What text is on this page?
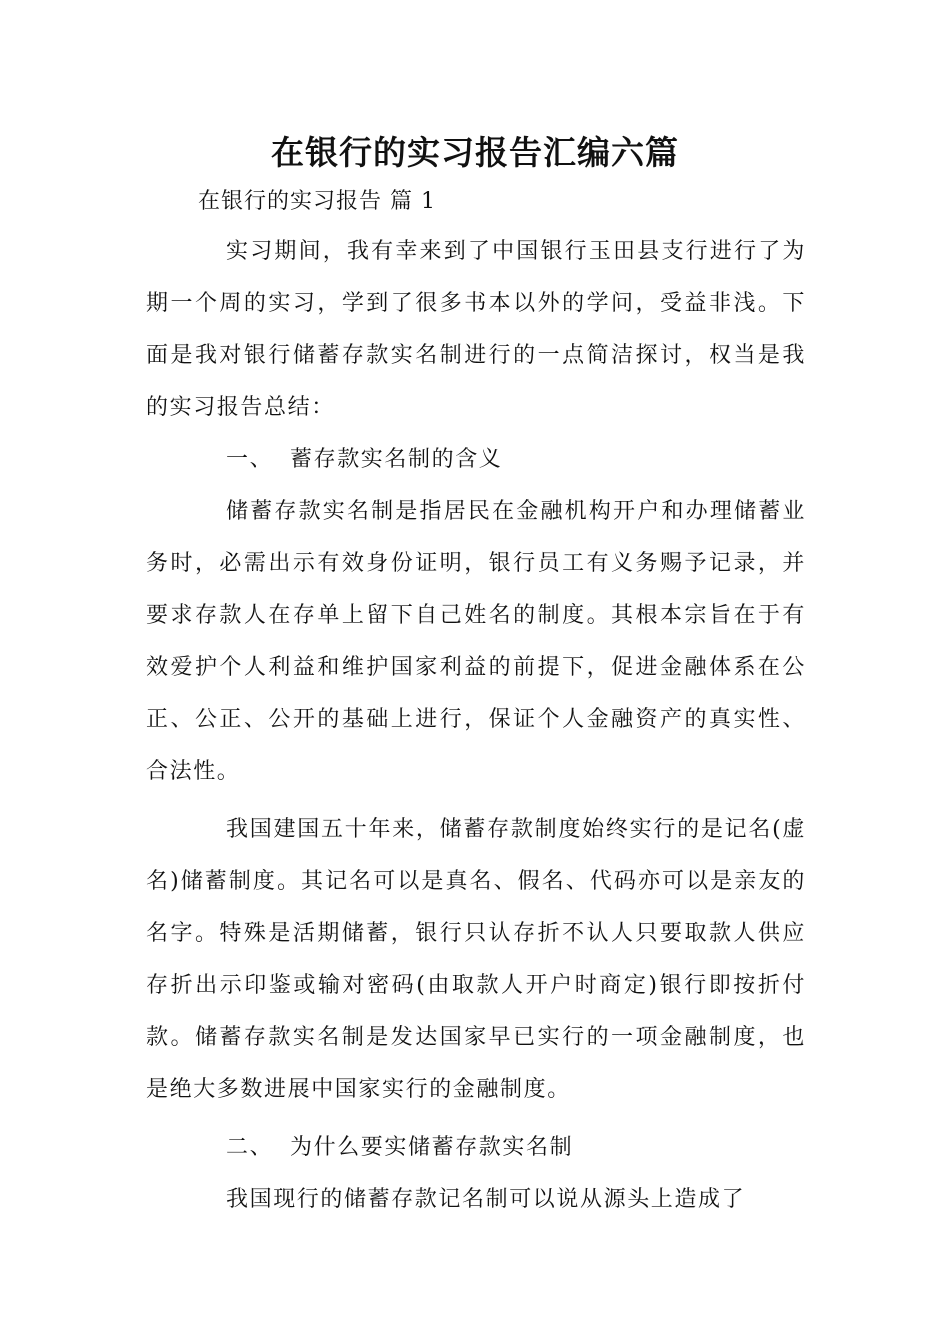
在银行的实习报告汇编六篇

在银行的实习报告 篇 1

实习期间，我有幸来到了中国银行玉田县支行进行了为期一个周的实习，学到了很多书本以外的学问，受益非浅。下面是我对银行储蓄存款实名制进行的一点简洁探讨，权当是我的实习报告总结：

一、 蓄存款实名制的含义

储蓄存款实名制是指居民在金融机构开户和办理储蓄业务时，必需出示有效身份证明，银行员工有义务赐予记录，并要求存款人在存单上留下自己姓名的制度。其根本宗旨在于有效爱护个人利益和维护国家利益的前提下，促进金融体系在公正、公正、公开的基础上进行，保证个人金融资产的真实性、合法性。

我国建国五十年来，储蓄存款制度始终实行的是记名(虚名)储蓄制度。其记名可以是真名、假名、代码亦可以是亲友的名字。特殊是活期储蓄，银行只认存折不认人只要取款人供应存折出示印鉴或输对密码(由取款人开户时商定)银行即按折付款。储蓄存款实名制是发达国家早已实行的一项金融制度，也是绝大多数进展中国家实行的金融制度。

二、 为什么要实储蓄存款实名制

我国现行的储蓄存款记名制可以说从源头上造成了
